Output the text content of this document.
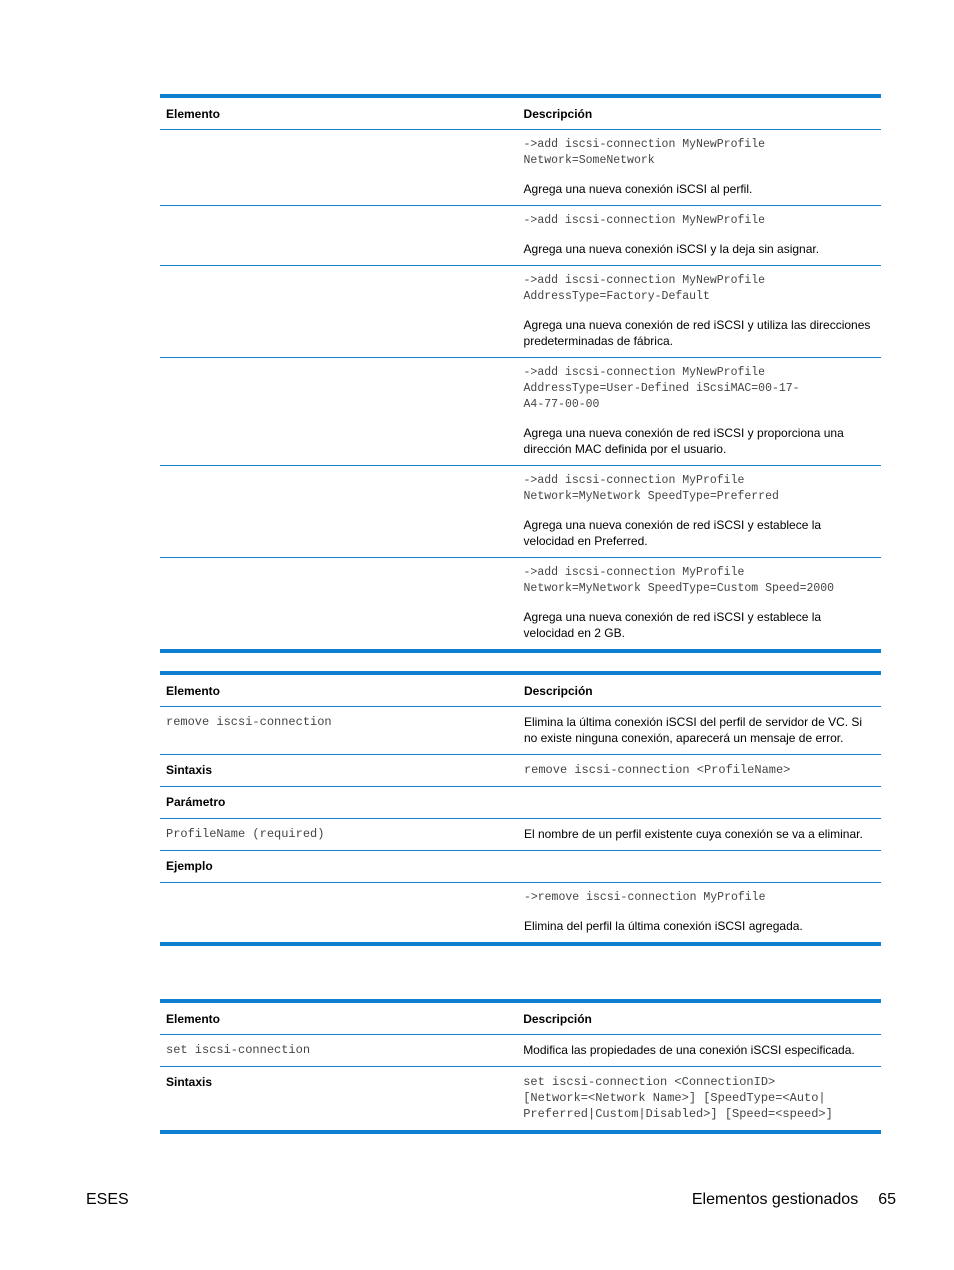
Elemento	Descripción

	->add iscsi-connection MyNewProfile
Network=SomeNetwork
Agrega una nueva conexión iSCSI al perfil.

	->add iscsi-connection MyNewProfile
Agrega una nueva conexión iSCSI y la deja sin asignar.

	->add iscsi-connection MyNewProfile
AddressType=Factory-Default
Agrega una nueva conexión de red iSCSI y utiliza las direcciones predeterminadas de fábrica.

	->add iscsi-connection MyNewProfile
AddressType=User-Defined iScsiMAC=00-17-
A4-77-00-00
Agrega una nueva conexión de red iSCSI y proporciona una dirección MAC definida por el usuario.

	->add iscsi-connection MyProfile
Network=MyNetwork SpeedType=Preferred
Agrega una nueva conexión de red iSCSI y establece la velocidad en Preferred.

	->add iscsi-connection MyProfile
Network=MyNetwork SpeedType=Custom Speed=2000
Agrega una nueva conexión de red iSCSI y establece la velocidad en 2 GB.
Elemento	Descripción
remove iscsi-connection	Elimina la última conexión iSCSI del perfil de servidor de VC. Si no existe ninguna conexión, aparecerá un mensaje de error.
Sintaxis	remove iscsi-connection <ProfileName>
Parámetro	
ProfileName (required)	El nombre de un perfil existente cuya conexión se va a eliminar.
Ejemplo	

	->remove iscsi-connection MyProfile
Elimina del perfil la última conexión iSCSI agregada.
Elemento	Descripción
set iscsi-connection	Modifica las propiedades de una conexión iSCSI especificada.
Sintaxis	set iscsi-connection <ConnectionID>
[Network=<Network Name>] [SpeedType=<Auto|
Preferred|Custom|Disabled>] [Speed=<speed>]
ESES	Elementos gestionados 65
